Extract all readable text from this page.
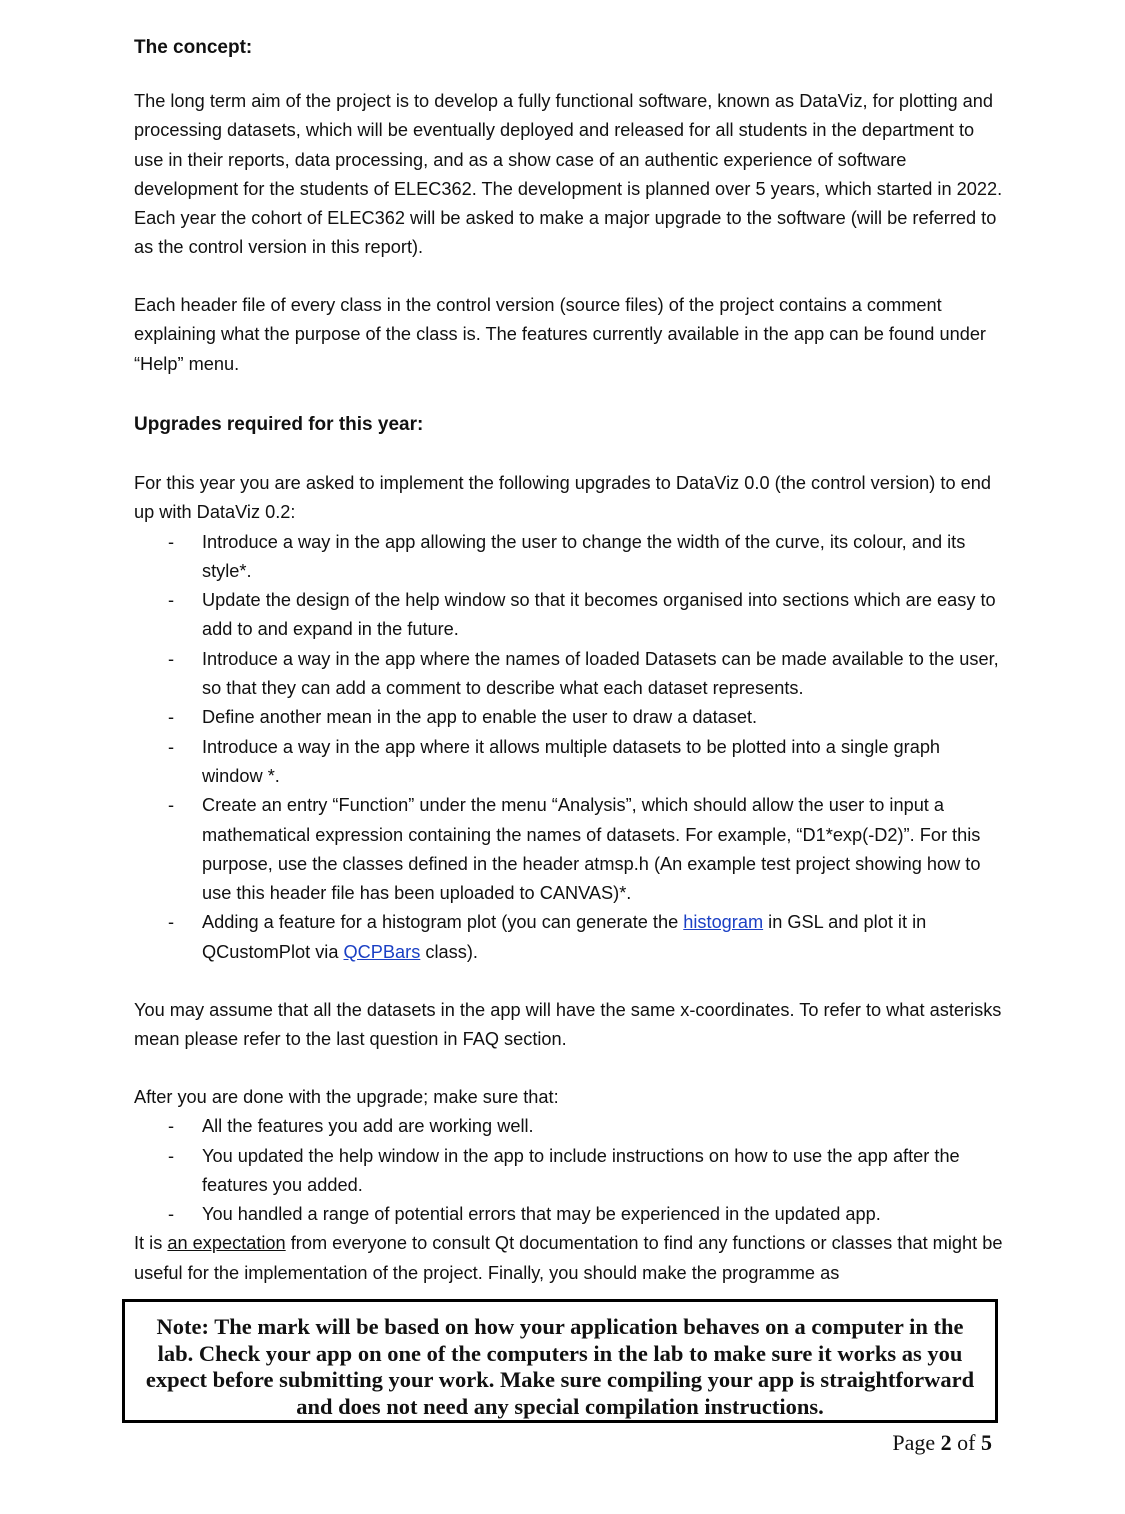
The concept:
The long term aim of the project is to develop a fully functional software, known as DataViz, for plotting and processing datasets, which will be eventually deployed and released for all students in the department to use in their reports, data processing, and as a show case of an authentic experience of software development for the students of ELEC362. The development is planned over 5 years, which started in 2022. Each year the cohort of ELEC362 will be asked to make a major upgrade to the software (will be referred to as the control version in this report).
Each header file of every class in the control version (source files) of the project contains a comment explaining what the purpose of the class is. The features currently available in the app can be found under “Help” menu.
Upgrades required for this year:
For this year you are asked to implement the following upgrades to DataViz 0.0 (the control version) to end up with DataViz 0.2:
- Introduce a way in the app allowing the user to change the width of the curve, its colour, and its style*.
- Update the design of the help window so that it becomes organised into sections which are easy to add to and expand in the future.
- Introduce a way in the app where the names of loaded Datasets can be made available to the user, so that they can add a comment to describe what each dataset represents.
- Define another mean in the app to enable the user to draw a dataset.
- Introduce a way in the app where it allows multiple datasets to be plotted into a single graph window *.
- Create an entry “Function” under the menu “Analysis”, which should allow the user to input a mathematical expression containing the names of datasets. For example, “D1*exp(-D2)”. For this purpose, use the classes defined in the header atmsp.h (An example test project showing how to use this header file has been uploaded to CANVAS)*.
- Adding a feature for a histogram plot (you can generate the histogram in GSL and plot it in QCustomPlot via QCPBars class).
You may assume that all the datasets in the app will have the same x-coordinates. To refer to what asterisks mean please refer to the last question in FAQ section.
After you are done with the upgrade; make sure that:
- All the features you add are working well.
- You updated the help window in the app to include instructions on how to use the app after the features you added.
- You handled a range of potential errors that may be experienced in the updated app.
It is an expectation from everyone to consult Qt documentation to find any functions or classes that might be useful for the implementation of the project. Finally, you should make the programme as
Note: The mark will be based on how your application behaves on a computer in the lab. Check your app on one of the computers in the lab to make sure it works as you expect before submitting your work. Make sure compiling your app is straightforward and does not need any special compilation instructions.
Page 2 of 5
